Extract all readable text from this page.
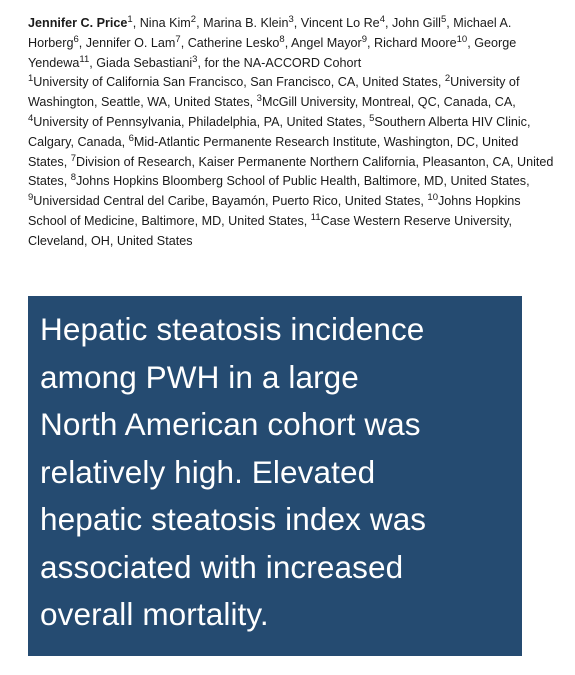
Jennifer C. Price$^1$, Nina Kim$^2$, Marina B. Klein$^3$, Vincent Lo Re$^4$, John Gill$^5$, Michael A. Horberg$^6$, Jennifer O. Lam$^7$, Catherine Lesko$^8$, Angel Mayor$^9$, Richard Moore$^{10}$, George Yendewa$^{11}$, Giada Sebastiani$^3$, for the NA-ACCORD Cohort
$^1$University of California San Francisco, San Francisco, CA, United States, $^2$University of Washington, Seattle, WA, United States, $^3$McGill University, Montreal, QC, Canada, CA, $^4$University of Pennsylvania, Philadelphia, PA, United States, $^5$Southern Alberta HIV Clinic, Calgary, Canada, $^6$Mid-Atlantic Permanente Research Institute, Washington, DC, United States, $^7$Division of Research, Kaiser Permanente Northern California, Pleasanton, CA, United States, $^8$Johns Hopkins Bloomberg School of Public Health, Baltimore, MD, United States, $^9$Universidad Central del Caribe, Bayamón, Puerto Rico, United States, $^{10}$Johns Hopkins School of Medicine, Baltimore, MD, United States, $^{11}$Case Western Reserve University, Cleveland, OH, United States

Hepatic steatosis incidence
among PWH in a large
North American cohort was
relatively high. Elevated
hepatic steatosis index was
associated with increased
overall mortality.
